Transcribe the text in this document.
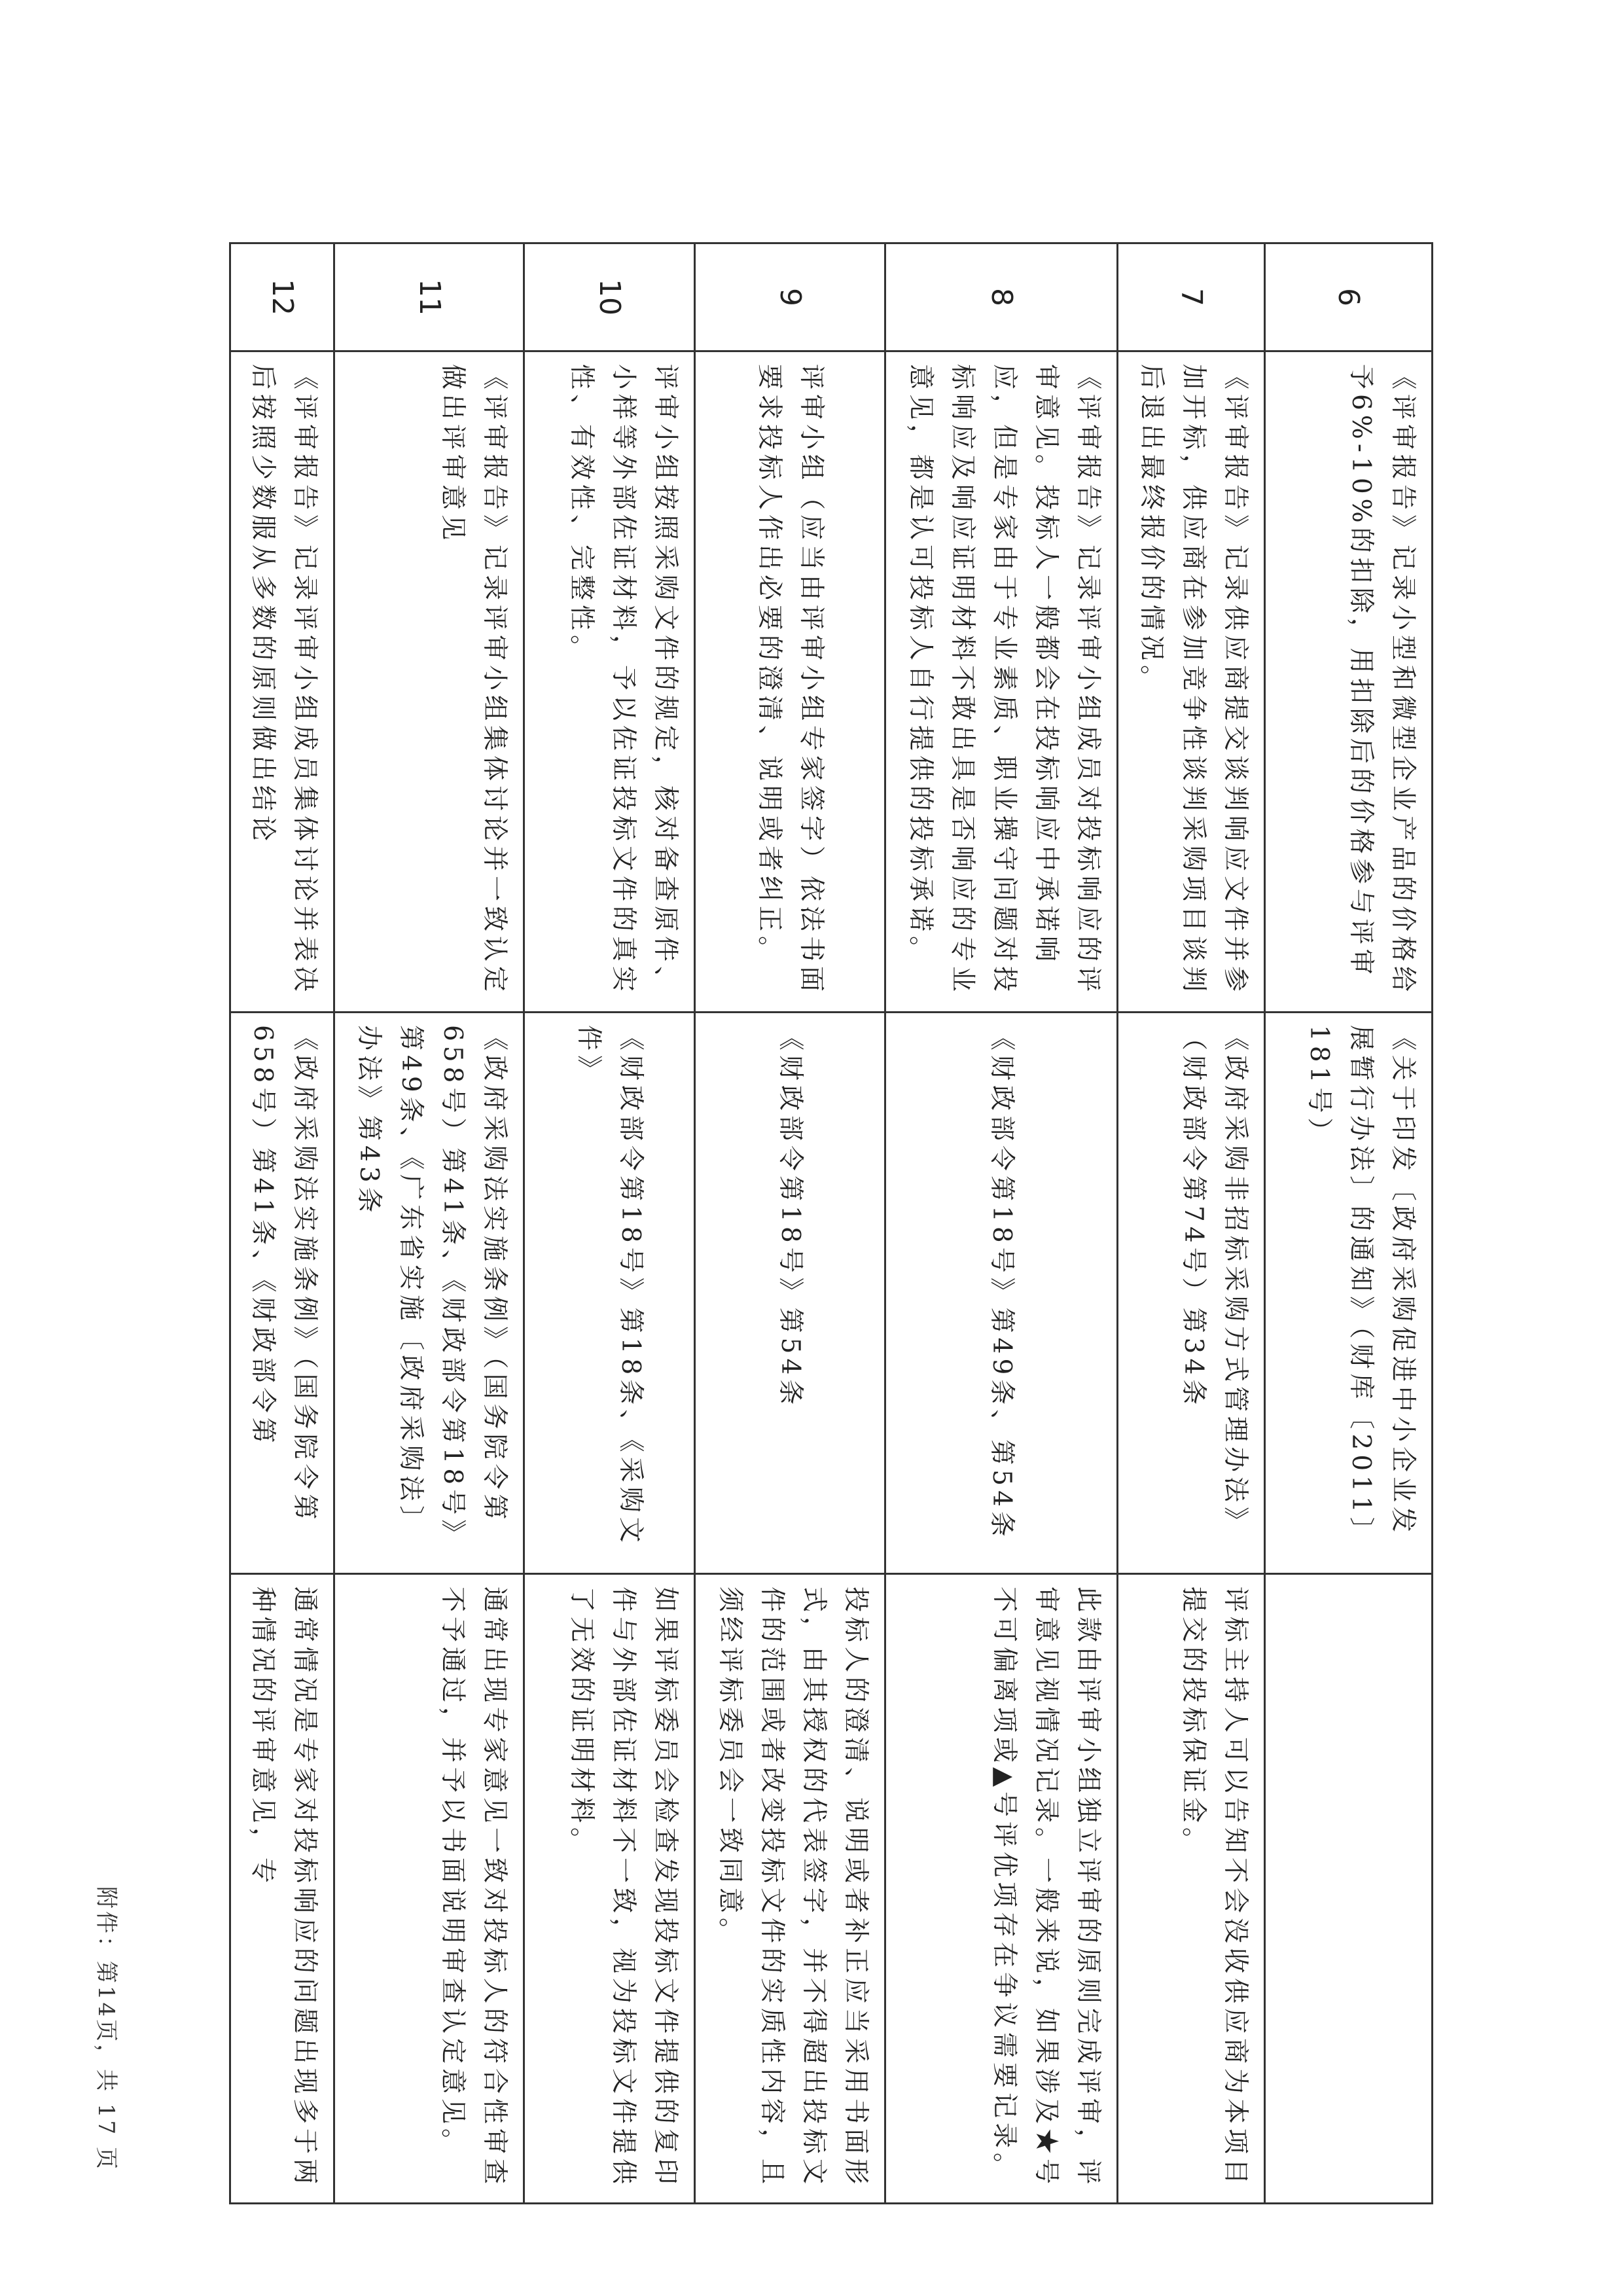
6	《评审报告》记录小型和微型企业产品的价格给予6%-10%的扣除，用扣除后的价格参与评审	《关于印发〔政府采购促进中小企业发展暂行办法〕的通知》（财库〔2011〕181号）	
7	《评审报告》记录供应商提交谈判响应文件并参加开标，供应商在参加竞争性谈判采购项目谈判后退出最终报价的情况。	《政府采购非招标采购方式管理办法》（财政部令第74号）第34条	评标主持人可以告知不会没收供应商为本项目提交的投标保证金。
8	《评审报告》记录评审小组成员对投标响应的评审意见。投标人一般都会在投标响应中承诺响应，但是专家由于专业素质、职业操守问题对投标响应及响应证明材料不敢出具是否响应的专业意见，都是认可投标人自行提供的投标承诺。	《财政部令第18号》第49条、第54条	此款由评审小组独立评审的原则完成评审，评审意见视情况记录。一般来说，如果涉及★号不可偏离项或▲号评优项存在争议需要记录。
9	评审小组（应当由评审小组专家签字）依法书面要求投标人作出必要的澄清、说明或者纠正。	《财政部令第18号》第54条	投标人的澄清、说明或者补正应当采用书面形式，由其授权的代表签字，并不得超出投标文件的范围或者改变投标文件的实质性内容，且须经评标委员会一致同意。
10	评审小组按照采购文件的规定，核对备查原件、小样等外部佐证材料，予以佐证投标文件的真实性、有效性、完整性。	《财政部令第18号》第18条、《采购文件》	如果评标委员会检查发现投标文件提供的复印件与外部佐证材料不一致，视为投标文件提供了无效的证明材料。
11	《评审报告》记录评审小组集体讨论并一致认定做出评审意见	《政府采购法实施条例》（国务院令第658号）第41条、《财政部令第18号》第49条、《广东省实施〔政府采购法〕办法》第43条	通常出现专家意见一致对投标人的符合性审查不予通过，并予以书面说明审查认定意见。
12	《评审报告》记录评审小组成员集体讨论并表决后按照少数服从多数的原则做出结论	《政府采购法实施条例》（国务院令第658号）第41条、《财政部令第	通常情况是专家对投标响应的问题出现多于两种情况的评审意见，专
附件：第14页，共 17 页
